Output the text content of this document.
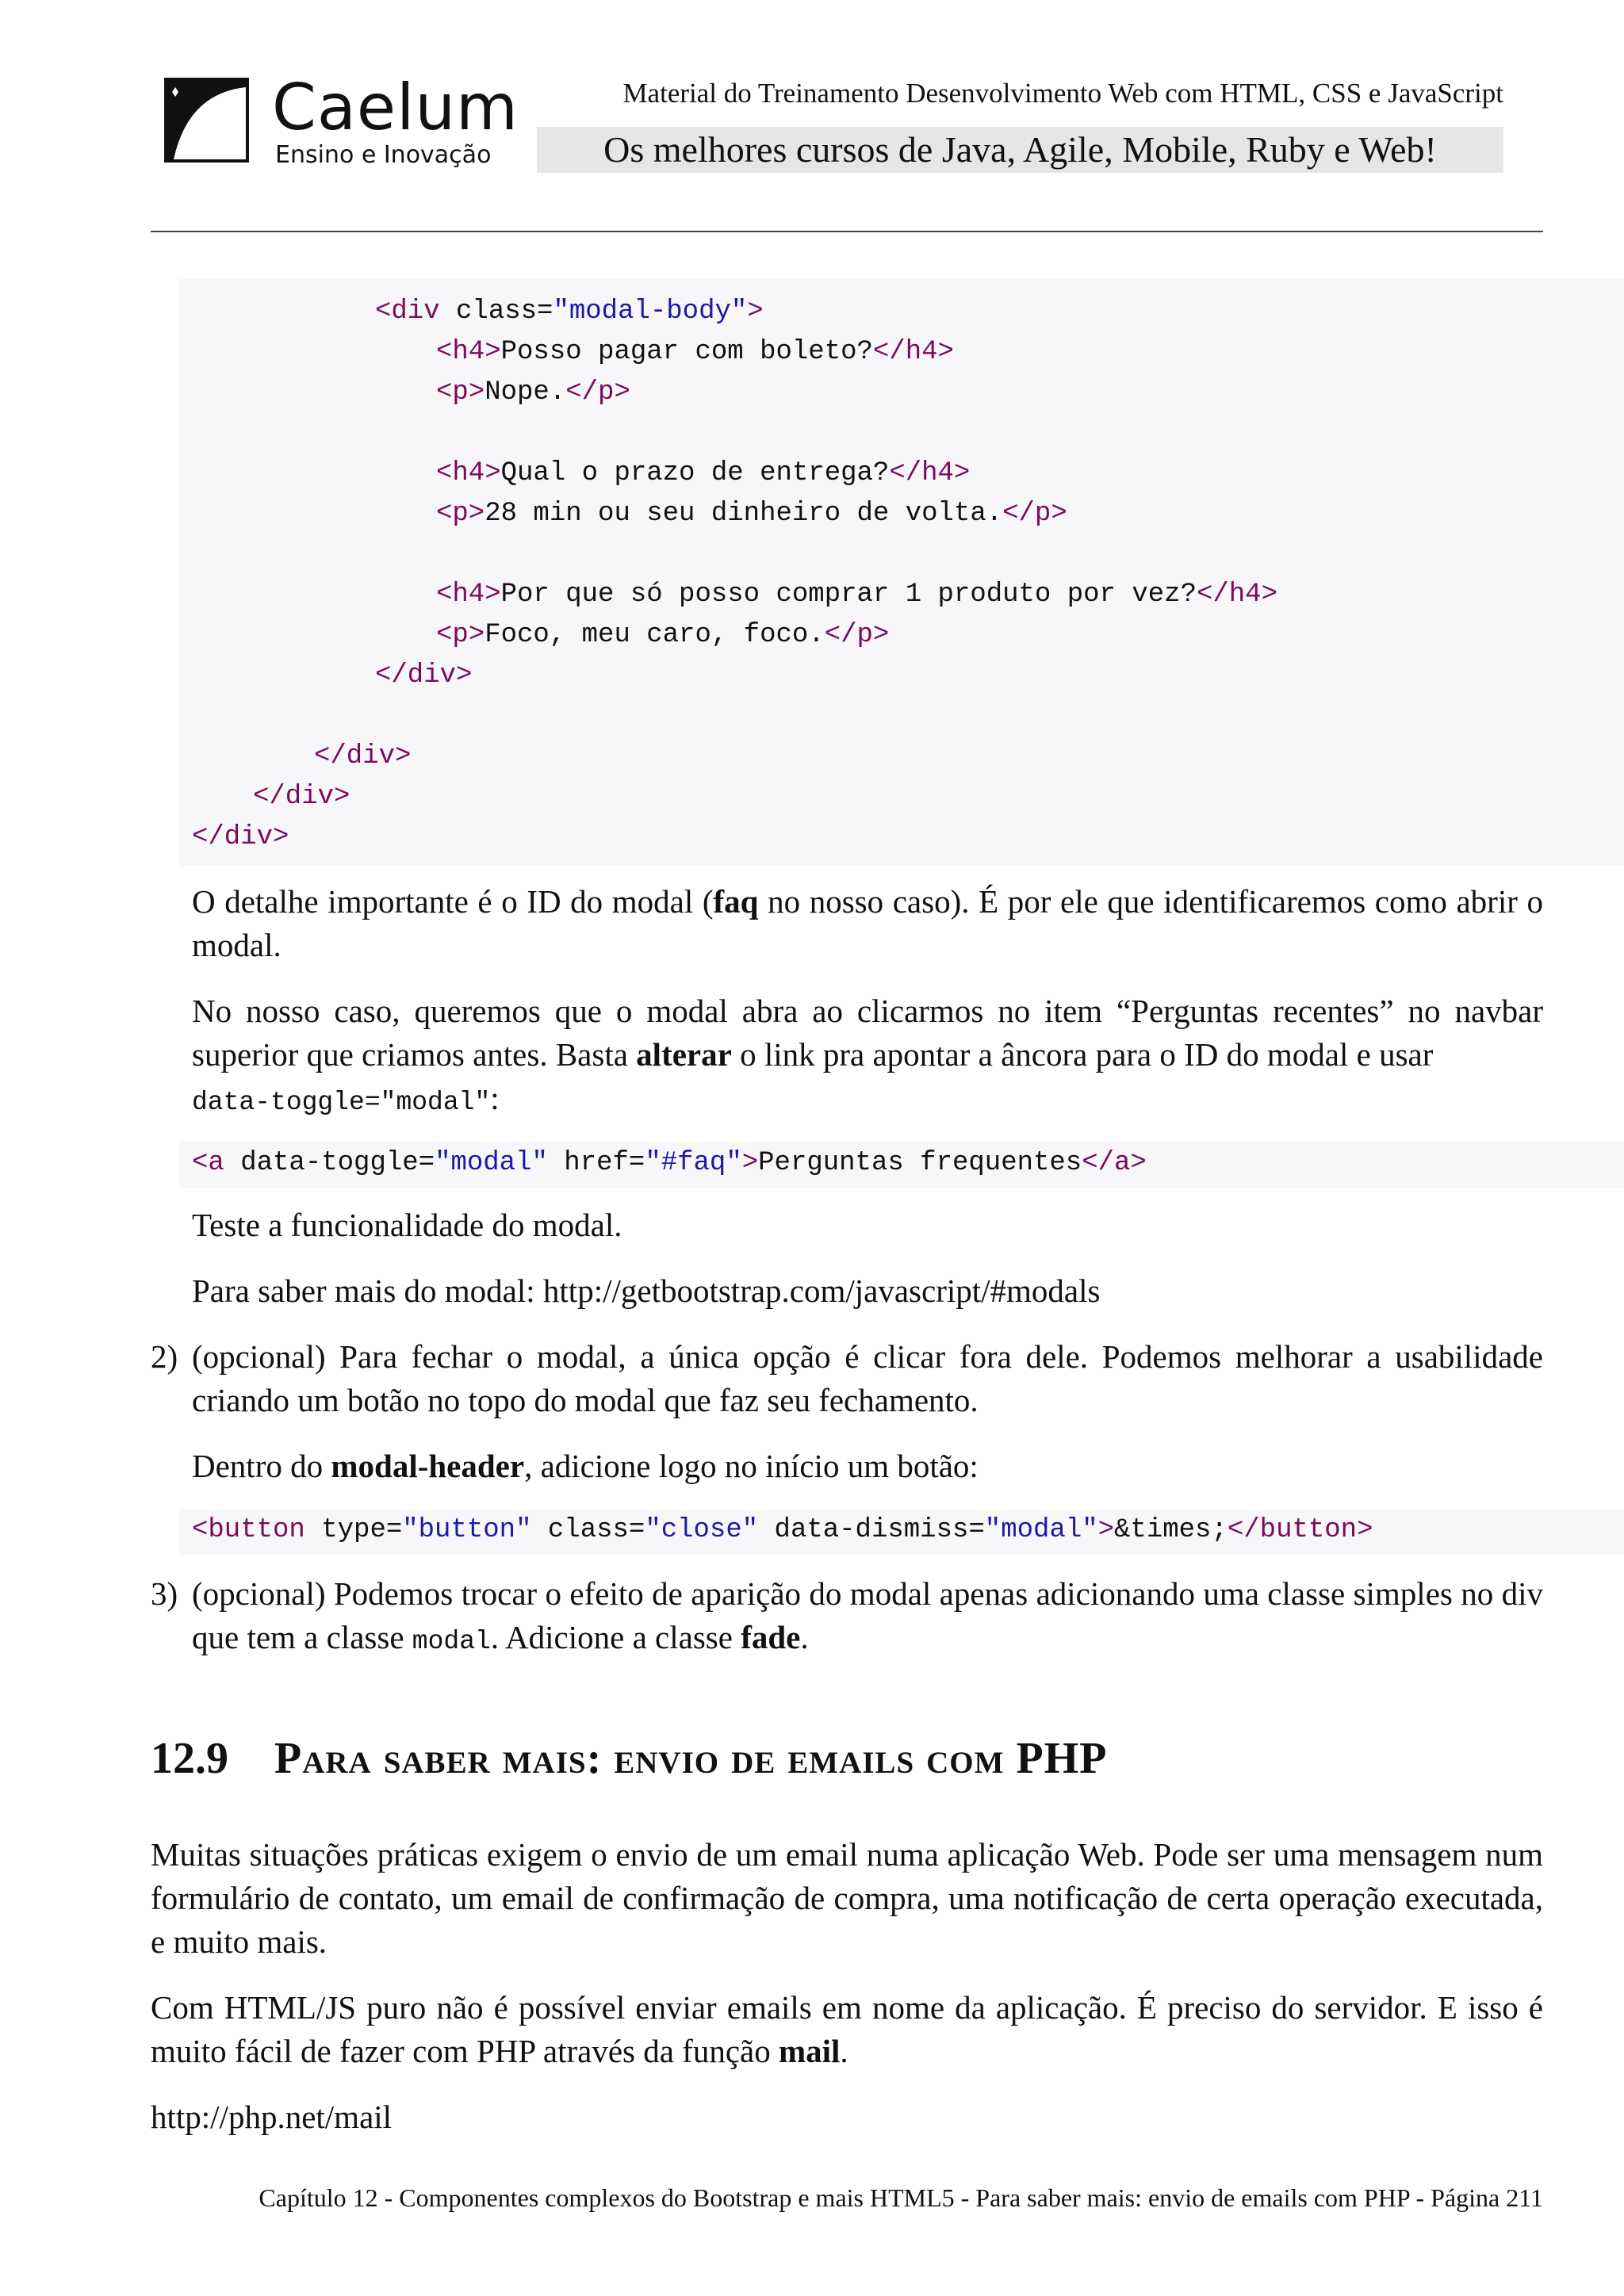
Caelum
Ensino e Inovação
Material do Treinamento Desenvolvimento Web com HTML, CSS e JavaScript
Os melhores cursos de Java, Agile, Mobile, Ruby e Web!
<div class="modal-body">
<h4>Posso pagar com boleto?</h4>
<p>Nope.</p>
<h4>Qual o prazo de entrega?</h4>
<p>28 min ou seu dinheiro de volta.</p>
<h4>Por que só posso comprar 1 produto por vez?</h4>
<p>Foco, meu caro, foco.</p>
</div>
</div>
</div>
</div>

O detalhe importante é o ID do modal (faq no nosso caso). É por ele que identificaremos como abrir o modal.

No nosso caso, queremos que o modal abra ao clicarmos no item “Perguntas recentes” no navbar superior que criamos antes. Basta alterar o link pra apontar a âncora para o ID do modal e usar
data-toggle="modal":

<a data-toggle="modal" href="#faq">Perguntas frequentes</a>

Teste a funcionalidade do modal.

Para saber mais do modal: http://getbootstrap.com/javascript/#modals

2) (opcional) Para fechar o modal, a única opção é clicar fora dele. Podemos melhorar a usabilidade criando um botão no topo do modal que faz seu fechamento.

Dentro do modal-header, adicione logo no início um botão:

<button type="button" class="close" data-dismiss="modal">&times;</button>
3) (opcional) Podemos trocar o efeito de aparição do modal apenas adicionando uma classe simples no div que tem a classe modal. Adicione a classe fade.

12.9 Para saber mais: envio de emails com PHP

Muitas situações práticas exigem o envio de um email numa aplicação Web. Pode ser uma mensagem num formulário de contato, um email de confirmação de compra, uma notificação de certa operação executada, e muito mais.

Com HTML/JS puro não é possível enviar emails em nome da aplicação. É preciso do servidor. E isso é muito fácil de fazer com PHP através da função mail.

http://php.net/mail

Capítulo 12 - Componentes complexos do Bootstrap e mais HTML5 - Para saber mais: envio de emails com PHP - Página 211
